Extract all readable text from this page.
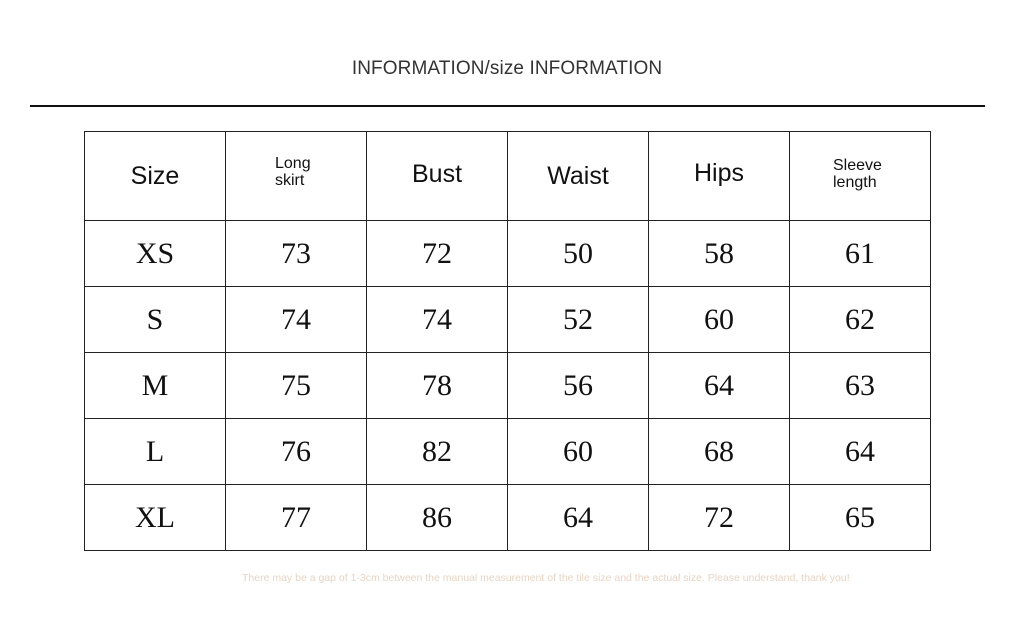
INFORMATION/size INFORMATION
Size	Long skirt	Bust	Waist	Hips	Sleeve length
XS	73	72	50	58	61
S	74	74	52	60	62
M	75	78	56	64	63
L	76	82	60	68	64
XL	77	86	64	72	65
There may be a gap of 1-3cm between the manual measurement of the tile size and the actual size. Please understand, thank you!
